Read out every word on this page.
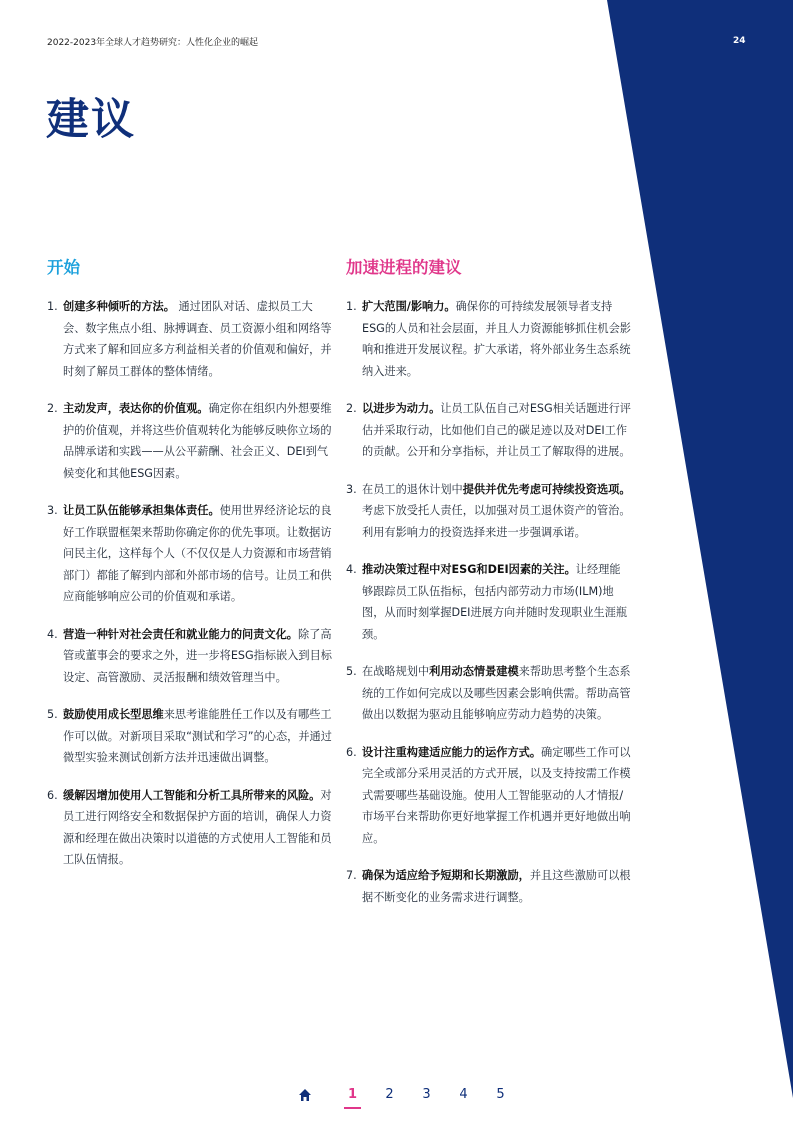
2022-2023年全球人才趋势研究：人性化企业的崛起	24
建议
开始
1. 创建多种倾听的方法。 通过团队对话、虚拟员工大会、数字焦点小组、脉搏调查、员工资源小组和网络等方式来了解和回应多方利益相关者的价值观和偏好，并时刻了解员工群体的整体情绪。
2. 主动发声，表达你的价值观。确定你在组织内外想要维护的价值观，并将这些价值观转化为能够反映你立场的品牌承诺和实践——从公平薪酬、社会正义、DEI到气候变化和其他ESG因素。
3. 让员工队伍能够承担集体责任。使用世界经济论坛的良好工作联盟框架来帮助你确定你的优先事项。让数据访问民主化，这样每个人（不仅仅是人力资源和市场营销部门）都能了解到内部和外部市场的信号。让员工和供应商能够响应公司的价值观和承诺。
4. 营造一种针对社会责任和就业能力的问责文化。除了高管或董事会的要求之外，进一步将ESG指标嵌入到目标设定、高管激励、灵活报酬和绩效管理当中。
5. 鼓励使用成长型思维来思考谁能胜任工作以及有哪些工作可以做。对新项目采取“测试和学习”的心态，并通过微型实验来测试创新方法并迅速做出调整。
6. 缓解因增加使用人工智能和分析工具所带来的风险。对员工进行网络安全和数据保护方面的培训，确保人力资源和经理在做出决策时以道德的方式使用人工智能和员工队伍情报。
加速进程的建议
1. 扩大范围/影响力。确保你的可持续发展领导者支持ESG的人员和社会层面，并且人力资源能够抓住机会影响和推进开发展议程。扩大承诺，将外部业务生态系统纳入进来。
2. 以进步为动力。让员工队伍自己对ESG相关话题进行评估并采取行动，比如他们自己的碳足迹以及对DEI工作的贡献。公开和分享指标，并让员工了解取得的进展。
3. 在员工的退休计划中提供并优先考虑可持续投资选项。考虑下放受托人责任，以加强对员工退休资产的管治。利用有影响力的投资选择来进一步强调承诺。
4. 推动决策过程中对ESG和DEI因素的关注。让经理能够跟踪员工队伍指标，包括内部劳动力市场(ILM)地图，从而时刻掌握DEI进展方向并随时发现职业生涯瓶颈。
5. 在战略规划中利用动态情景建模来帮助思考整个生态系统的工作如何完成以及哪些因素会影响供需。帮助高管做出以数据为驱动且能够响应劳动力趋势的决策。
6. 设计注重构建适应能力的运作方式。确定哪些工作可以完全或部分采用灵活的方式开展，以及支持按需工作模式需要哪些基础设施。使用人工智能驱动的人才情报/市场平台来帮助你更好地掌握工作机遇并更好地做出响应。
7. 确保为适应给予短期和长期激励，并且这些激励可以根据不断变化的业务需求进行调整。
1	2	3	4	5
